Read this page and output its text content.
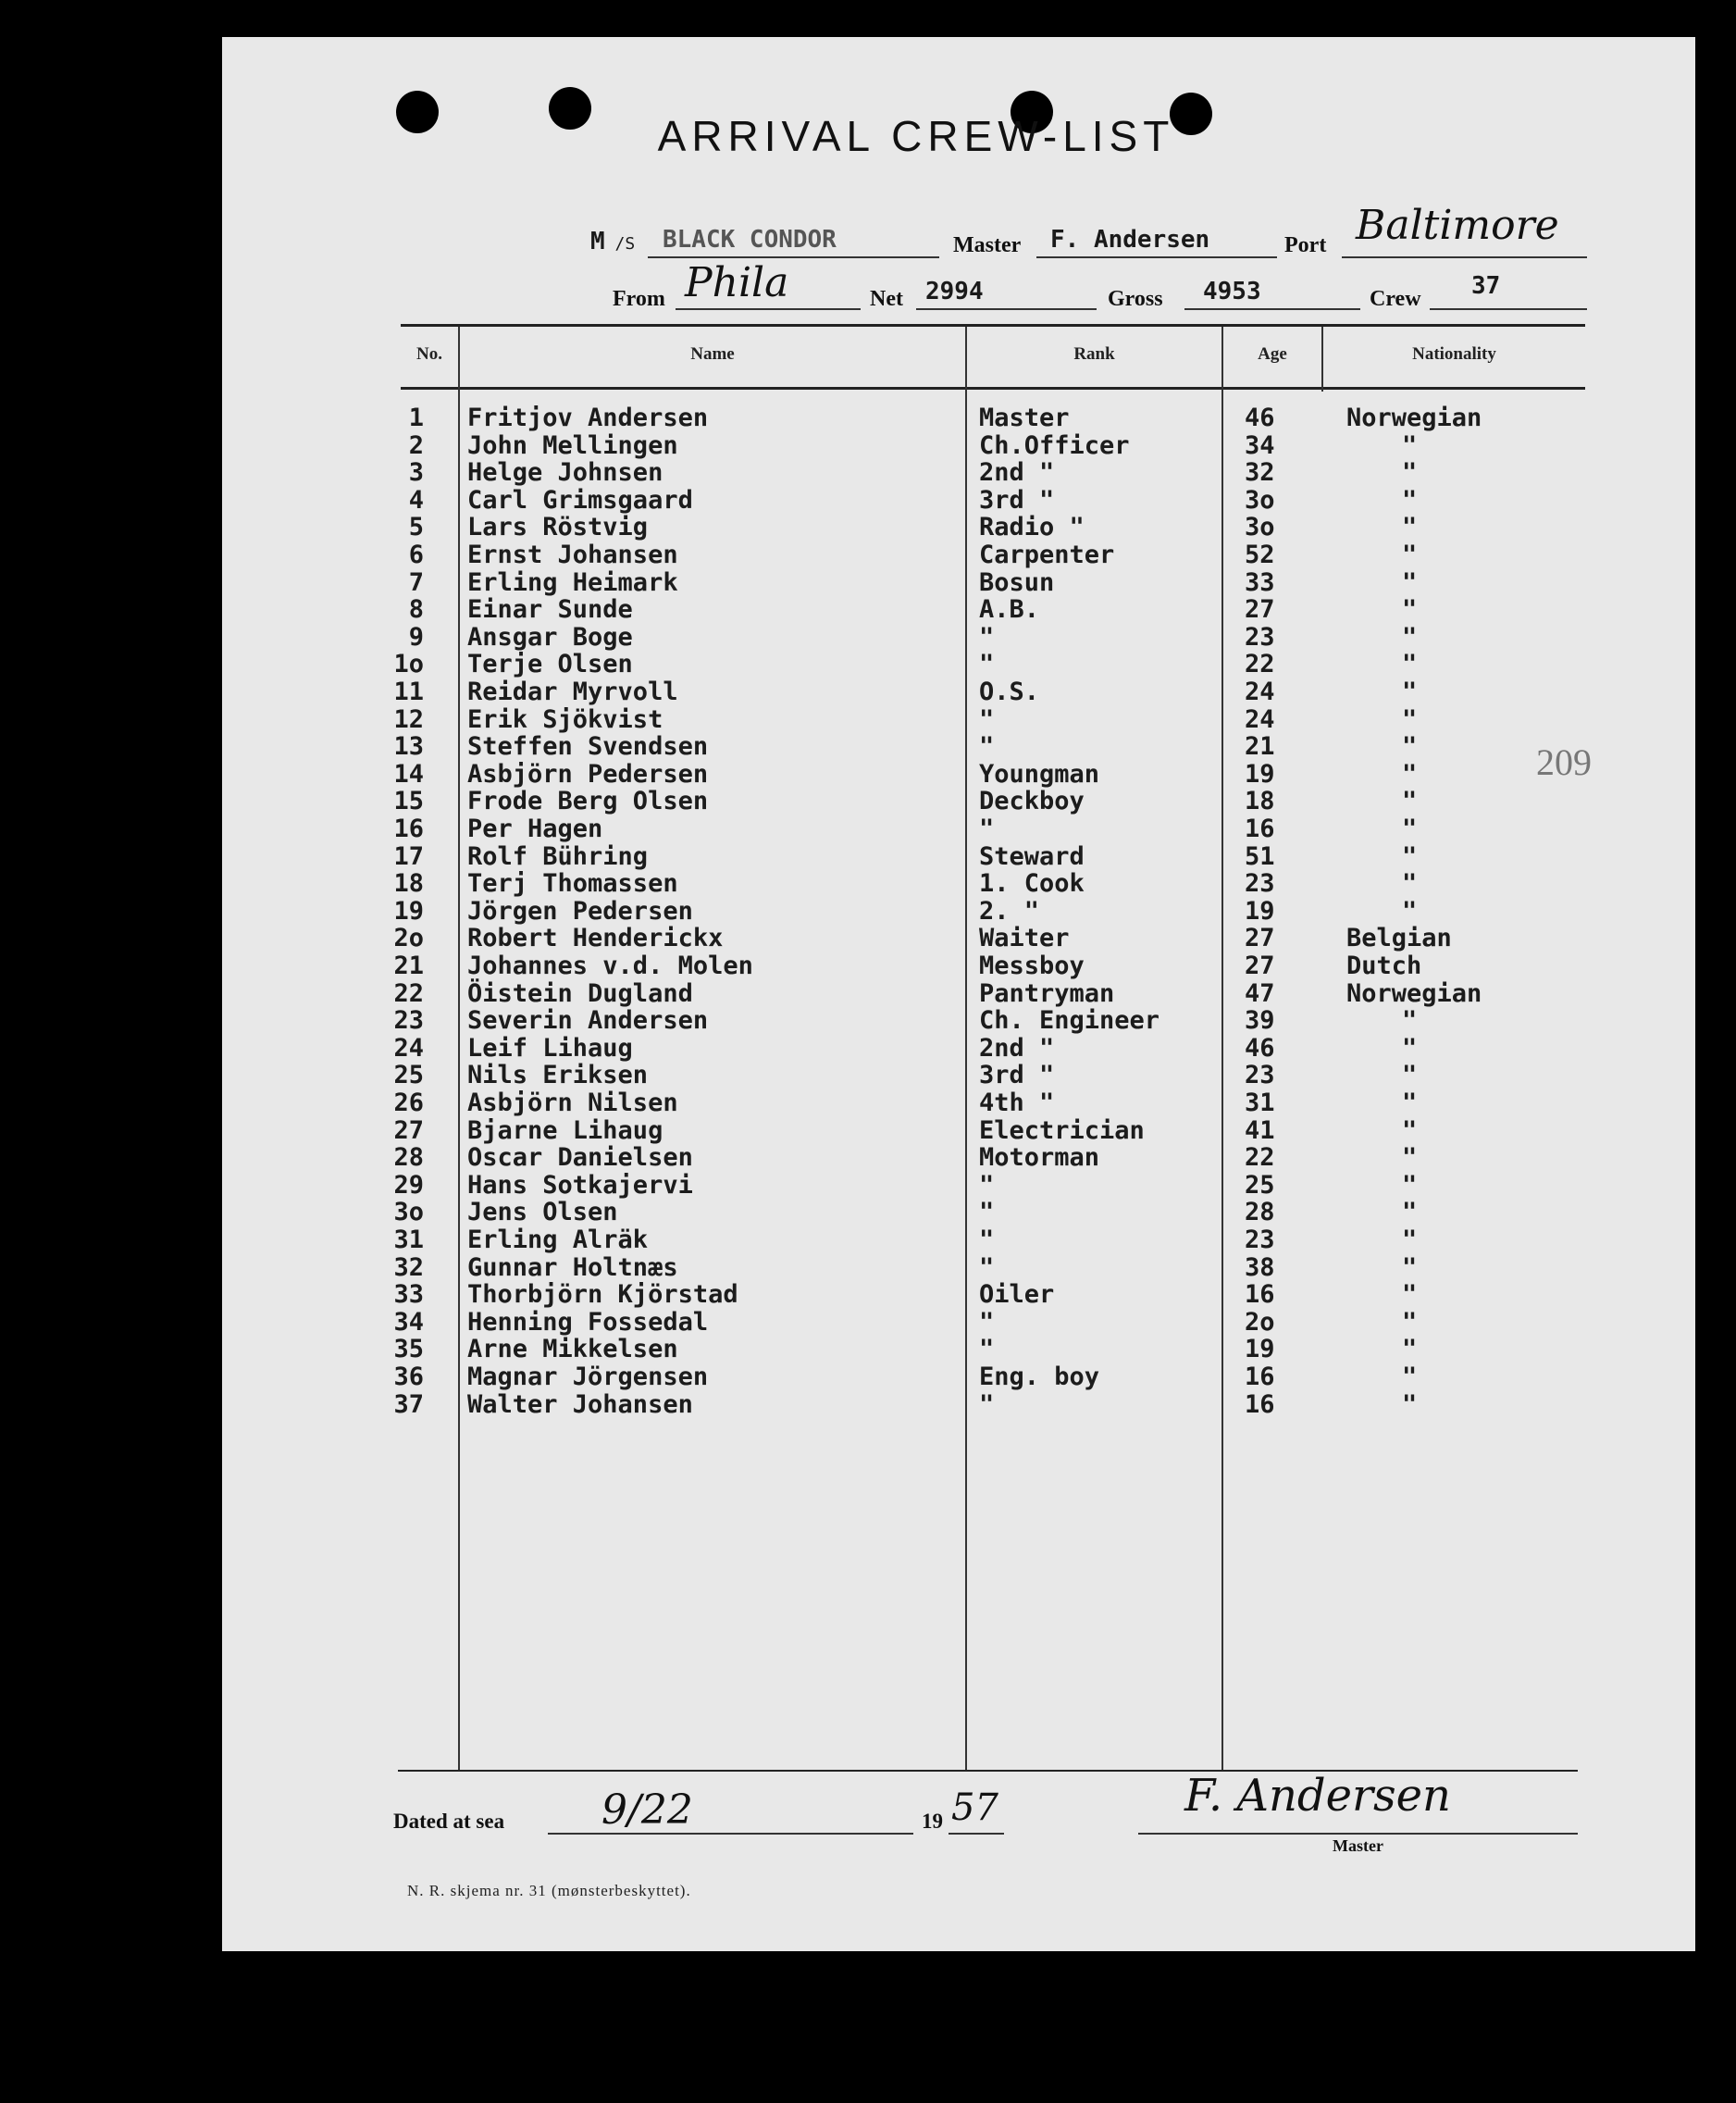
ARRIVAL CREW-LIST
M /S BLACK CONDOR	Master F. Andersen	Port Baltimore
From Phila	Net 2994	Gross 4953	Crew 37
No.	Name	Rank	Age	Nationality
1 Fritjov Andersen	Master	46	Norwegian
2 John Mellingen	Ch.Officer	34	"
3 Helge Johnsen	2nd "	32	"
4 Carl Grimsgaard	3rd "	3o	"
5 Lars Röstvig	Radio "	3o	"
6 Ernst Johansen	Carpenter	52	"
7 Erling Heimark	Bosun	33	"
8 Einar Sunde	A.B.	27	"
9 Ansgar Boge	"	23	"
1o Terje Olsen	"	22	"
11 Reidar Myrvoll	O.S.	24	"
12 Erik Sjökvist	"	24	"
13 Steffen Svendsen	"	21	"
14 Asbjörn Pedersen	Youngman	19	"
15 Frode Berg Olsen	Deckboy	18	"
16 Per Hagen	"	16	"
17 Rolf Bühring	Steward	51	"
18 Terj Thomassen	1. Cook	23	"
19 Jörgen Pedersen	2. "	19	"
2o Robert Henderickx	Waiter	27	Belgian
21 Johannes v.d. Molen	Messboy	27	Dutch
22 Öistein Dugland	Pantryman	47	Norwegian
23 Severin Andersen	Ch. Engineer	39	"
24 Leif Lihaug	2nd "	46	"
25 Nils Eriksen	3rd "	23	"
26 Asbjörn Nilsen	4th "	31	"
27 Bjarne Lihaug	Electrician	41	"
28 Oscar Danielsen	Motorman	22	"
29 Hans Sotkajervi	"	25	"
3o Jens Olsen	"	28	"
31 Erling Alräk	"	23	"
32 Gunnar Holtnæs	"	38	"
33 Thorbjörn Kjörstad	Oiler	16	"
34 Henning Fossedal	"	2o	"
35 Arne Mikkelsen	"	19	"
36 Magnar Jörgensen	Eng. boy	16	"
37 Walter Johansen	"	16	"
209
Dated at sea 9/22	19 57	F. Andersen
Master
N. R. skjema nr. 31 (mønsterbeskyttet).
